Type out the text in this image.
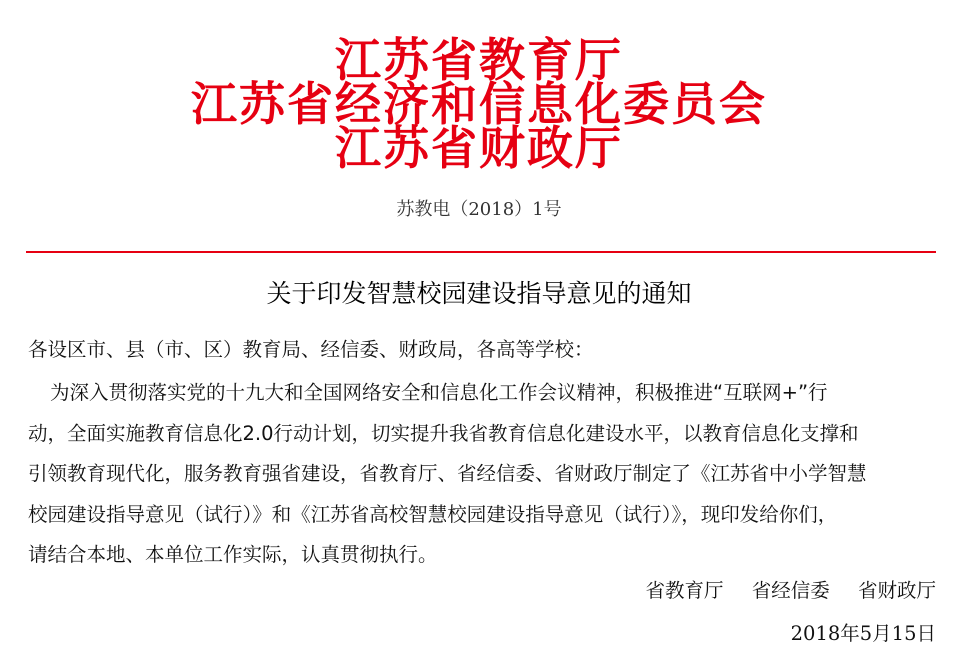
江苏省教育厅
江苏省经济和信息化委员会
江苏省财政厅
苏教电（2018）1号
关于印发智慧校园建设指导意见的通知
各设区市、县（市、区）教育局、经信委、财政局，各高等学校：
为深入贯彻落实党的十九大和全国网络安全和信息化工作会议精神，积极推进“互联网+”行
动，全面实施教育信息化2.0行动计划，切实提升我省教育信息化建设水平，以教育信息化支撑和
引领教育现代化，服务教育强省建设，省教育厅、省经信委、省财政厅制定了《江苏省中小学智慧
校园建设指导意见（试行）》和《江苏省高校智慧校园建设指导意见（试行）》，现印发给你们，
请结合本地、本单位工作实际，认真贯彻执行。
省教育厅 省经信委 省财政厅
2018年5月15日
